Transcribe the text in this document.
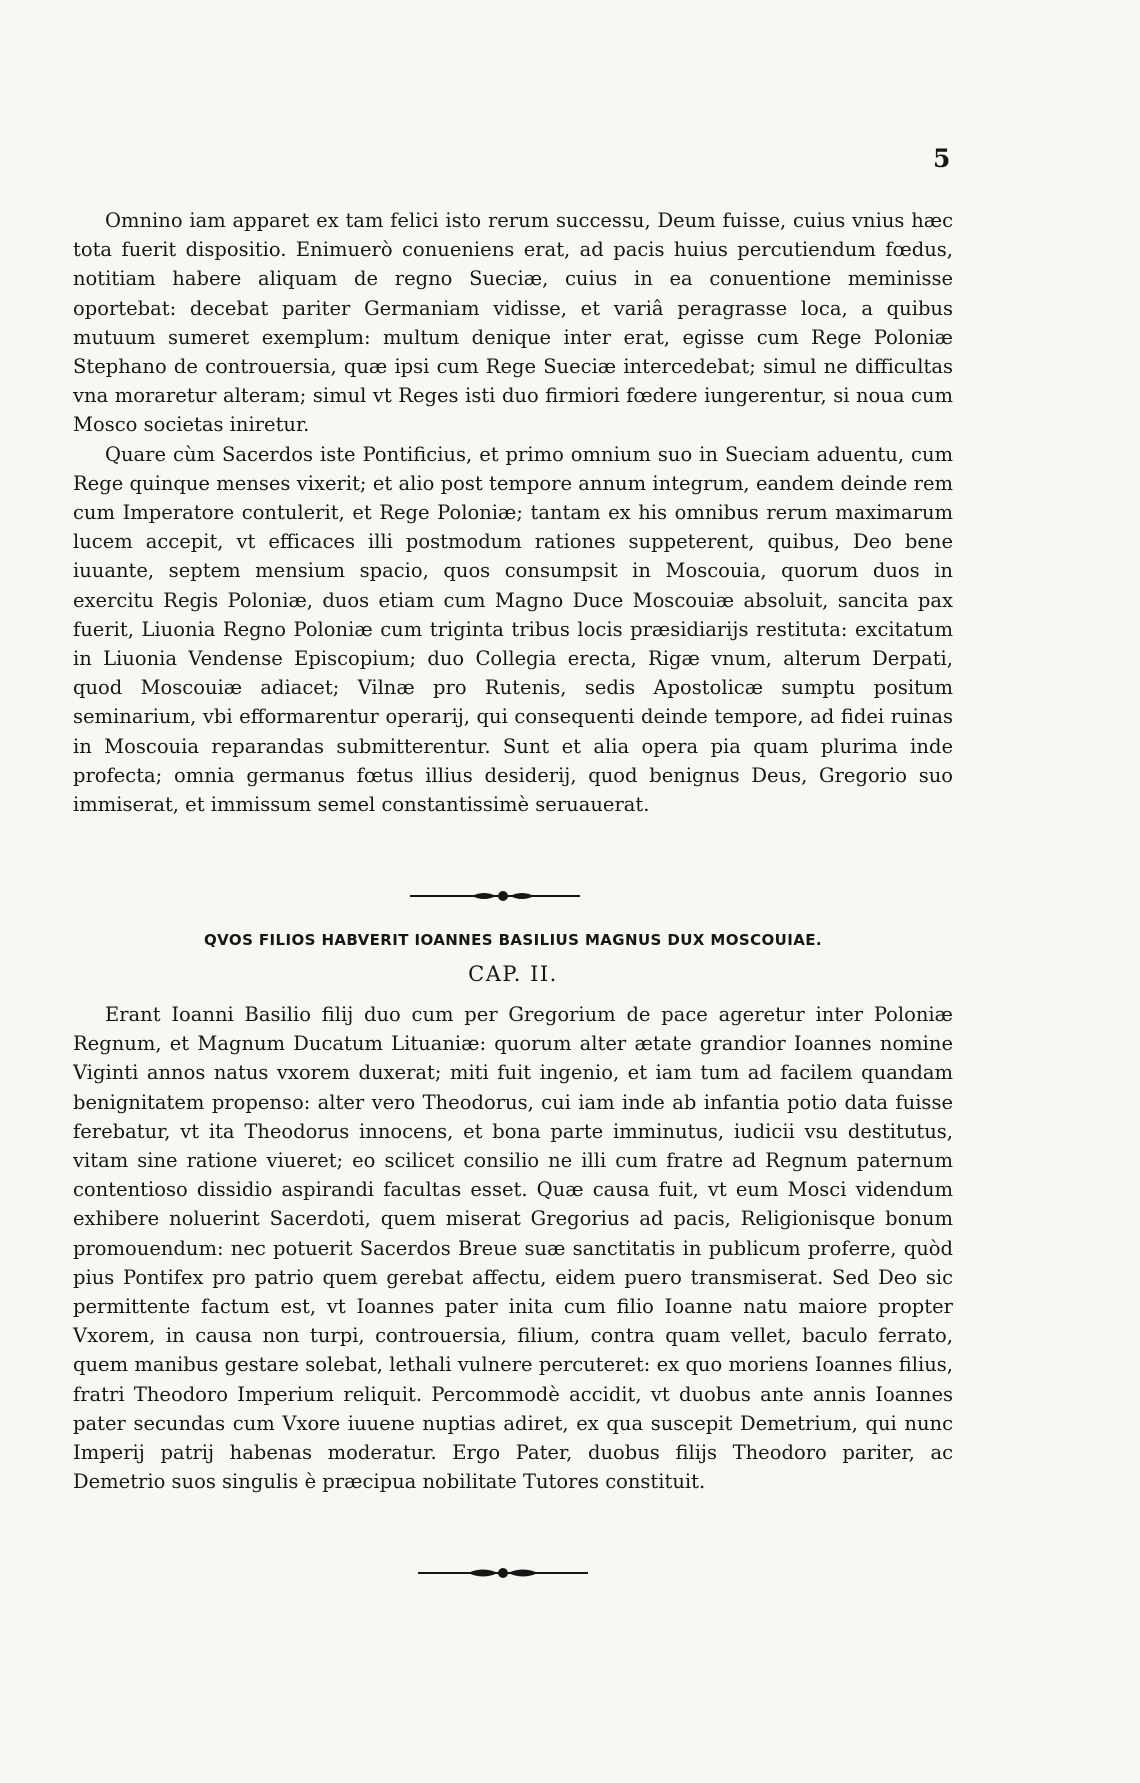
5

Omnino iam apparet ex tam felici isto rerum successu, Deum fuisse, cuius vnius hæc tota fuerit dispositio. Enimuerò conueniens erat, ad pacis huius percutiendum fœdus, notitiam habere aliquam de regno Sueciæ, cuius in ea conuentione meminisse oportebat: decebat pariter Germaniam vidisse, et variâ peragrasse loca, a quibus mutuum sumeret exemplum: multum denique inter erat, egisse cum Rege Poloniæ Stephano de controuersia, quæ ipsi cum Rege Sueciæ intercedebat; simul ne difficultas vna moraretur alteram; simul vt Reges isti duo firmiori fœdere iungerentur, si noua cum Mosco societas iniretur.

Quare cùm Sacerdos iste Pontificius, et primo omnium suo in Sueciam aduentu, cum Rege quinque menses vixerit; et alio post tempore annum integrum, eandem deinde rem cum Imperatore contulerit, et Rege Poloniæ; tantam ex his omnibus rerum maximarum lucem accepit, vt efficaces illi postmodum rationes suppeterent, quibus, Deo bene iuuante, septem mensium spacio, quos consumpsit in Moscouia, quorum duos in exercitu Regis Poloniæ, duos etiam cum Magno Duce Moscouiæ absoluit, sancita pax fuerit, Liuonia Regno Poloniæ cum triginta tribus locis præsidiarijs restituta: excitatum in Liuonia Vendense Episcopium; duo Collegia erecta, Rigæ vnum, alterum Derpati, quod Moscouiæ adiacet; Vilnæ pro Rutenis, sedis Apostolicæ sumptu positum seminarium, vbi efformarentur operarij, qui consequenti deinde tempore, ad fidei ruinas in Moscouia reparandas submitterentur. Sunt et alia opera pia quam plurima inde profecta; omnia germanus fœtus illius desiderij, quod benignus Deus, Gregorio suo immiserat, et immissum semel constantissimè seruauerat.

QVOS FILIOS HABVERIT IOANNES BASILIUS MAGNUS DUX MOSCOUIAE.
CAP. II.

Erant Ioanni Basilio filij duo cum per Gregorium de pace ageretur inter Poloniæ Regnum, et Magnum Ducatum Lituaniæ: quorum alter ætate grandior Ioannes nomine Viginti annos natus vxorem duxerat; miti fuit ingenio, et iam tum ad facilem quandam benignitatem propenso: alter vero Theodorus, cui iam inde ab infantia potio data fuisse ferebatur, vt ita Theodorus innocens, et bona parte imminutus, iudicii vsu destitutus, vitam sine ratione viueret; eo scilicet consilio ne illi cum fratre ad Regnum paternum contentioso dissidio aspirandi facultas esset. Quæ causa fuit, vt eum Mosci videndum exhibere noluerint Sacerdoti, quem miserat Gregorius ad pacis, Religionisque bonum promouendum: nec potuerit Sacerdos Breue suæ sanctitatis in publicum proferre, quòd pius Pontifex pro patrio quem gerebat affectu, eidem puero transmiserat. Sed Deo sic permittente factum est, vt Ioannes pater inita cum filio Ioanne natu maiore propter Vxorem, in causa non turpi, controuersia, filium, contra quam vellet, baculo ferrato, quem manibus gestare solebat, lethali vulnere percuteret: ex quo moriens Ioannes filius, fratri Theodoro Imperium reliquit. Percommodè accidit, vt duobus ante annis Ioannes pater secundas cum Vxore iuuene nuptias adiret, ex qua suscepit Demetrium, qui nunc Imperij patrij habenas moderatur. Ergo Pater, duobus filijs Theodoro pariter, ac Demetrio suos singulis è præcipua nobilitate Tutores constituit.
